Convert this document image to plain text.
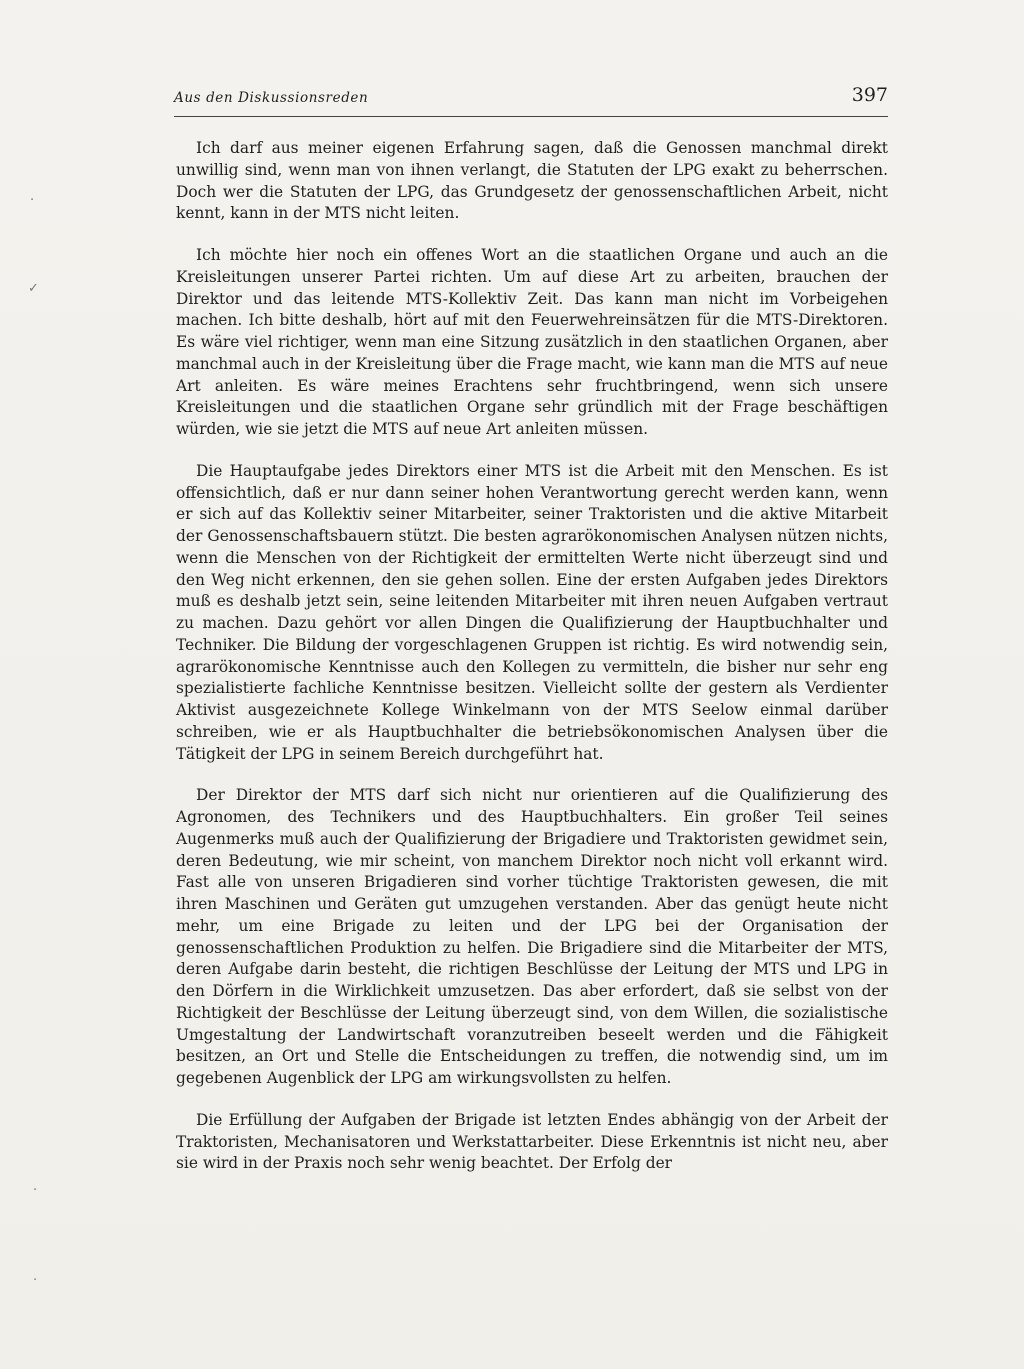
Aus den Diskussionsreden	397

Ich darf aus meiner eigenen Erfahrung sagen, daß die Genossen manchmal direkt unwillig sind, wenn man von ihnen verlangt, die Statuten der LPG exakt zu beherrschen. Doch wer die Statuten der LPG, das Grundgesetz der genossenschaftlichen Arbeit, nicht kennt, kann in der MTS nicht leiten.

Ich möchte hier noch ein offenes Wort an die staatlichen Organe und auch an die Kreisleitungen unserer Partei richten. Um auf diese Art zu arbeiten, brauchen der Direktor und das leitende MTS-Kollektiv Zeit. Das kann man nicht im Vorbeigehen machen. Ich bitte deshalb, hört auf mit den Feuerwehreinsätzen für die MTS-Direktoren. Es wäre viel richtiger, wenn man eine Sitzung zusätzlich in den staatlichen Organen, aber manchmal auch in der Kreisleitung über die Frage macht, wie kann man die MTS auf neue Art anleiten. Es wäre meines Erachtens sehr fruchtbringend, wenn sich unsere Kreisleitungen und die staatlichen Organe sehr gründlich mit der Frage beschäftigen würden, wie sie jetzt die MTS auf neue Art anleiten müssen.

Die Hauptaufgabe jedes Direktors einer MTS ist die Arbeit mit den Menschen. Es ist offensichtlich, daß er nur dann seiner hohen Verantwortung gerecht werden kann, wenn er sich auf das Kollektiv seiner Mitarbeiter, seiner Traktoristen und die aktive Mitarbeit der Genossenschaftsbauern stützt. Die besten agrarökonomischen Analysen nützen nichts, wenn die Menschen von der Richtigkeit der ermittelten Werte nicht überzeugt sind und den Weg nicht erkennen, den sie gehen sollen. Eine der ersten Aufgaben jedes Direktors muß es deshalb jetzt sein, seine leitenden Mitarbeiter mit ihren neuen Aufgaben vertraut zu machen. Dazu gehört vor allen Dingen die Qualifizierung der Hauptbuchhalter und Techniker. Die Bildung der vorgeschlagenen Gruppen ist richtig. Es wird notwendig sein, agrarökonomische Kenntnisse auch den Kollegen zu vermitteln, die bisher nur sehr eng spezialistierte fachliche Kenntnisse besitzen. Vielleicht sollte der gestern als Verdienter Aktivist ausgezeichnete Kollege Winkelmann von der MTS Seelow einmal darüber schreiben, wie er als Hauptbuchhalter die betriebsökonomischen Analysen über die Tätigkeit der LPG in seinem Bereich durchgeführt hat.

Der Direktor der MTS darf sich nicht nur orientieren auf die Qualifizierung des Agronomen, des Technikers und des Hauptbuchhalters. Ein großer Teil seines Augenmerks muß auch der Qualifizierung der Brigadiere und Traktoristen gewidmet sein, deren Bedeutung, wie mir scheint, von manchem Direktor noch nicht voll erkannt wird. Fast alle von unseren Brigadieren sind vorher tüchtige Traktoristen gewesen, die mit ihren Maschinen und Geräten gut umzugehen verstanden. Aber das genügt heute nicht mehr, um eine Brigade zu leiten und der LPG bei der Organisation der genossenschaftlichen Produktion zu helfen. Die Brigadiere sind die Mitarbeiter der MTS, deren Aufgabe darin besteht, die richtigen Beschlüsse der Leitung der MTS und LPG in den Dörfern in die Wirklichkeit umzusetzen. Das aber erfordert, daß sie selbst von der Richtigkeit der Beschlüsse der Leitung überzeugt sind, von dem Willen, die sozialistische Umgestaltung der Landwirtschaft voranzutreiben beseelt werden und die Fähigkeit besitzen, an Ort und Stelle die Entscheidungen zu treffen, die notwendig sind, um im gegebenen Augenblick der LPG am wirkungsvollsten zu helfen.

Die Erfüllung der Aufgaben der Brigade ist letzten Endes abhängig von der Arbeit der Traktoristen, Mechanisatoren und Werkstattarbeiter. Diese Erkenntnis ist nicht neu, aber sie wird in der Praxis noch sehr wenig beachtet. Der Erfolg der

·
✓
·
·
